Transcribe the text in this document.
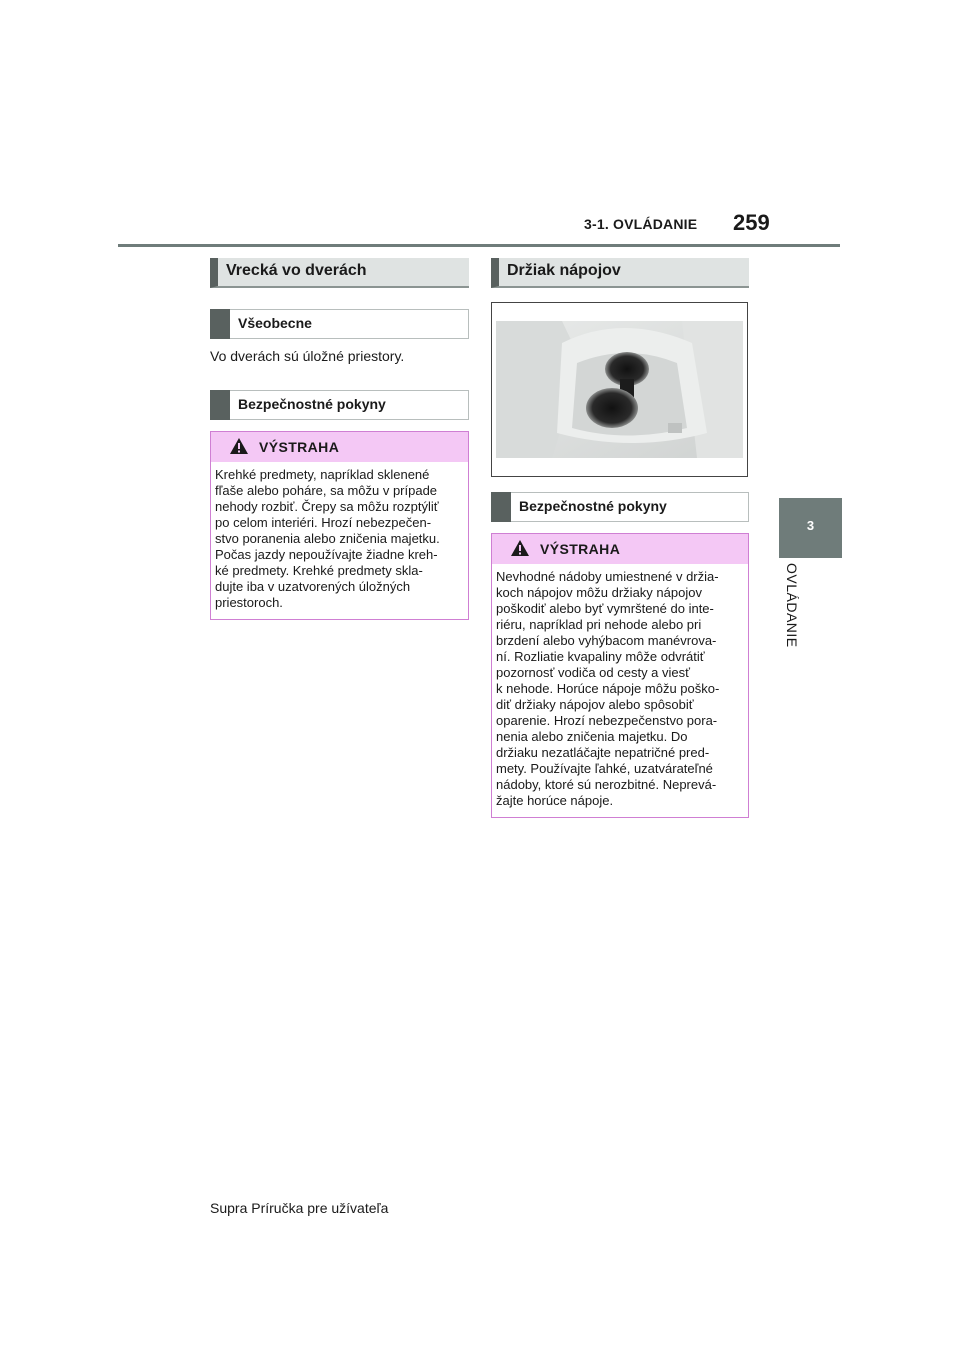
3-1. OVLÁDANIE 259
3
OVLÁDANIE
Vrecká vo dverách
Všeobecne
Vo dverách sú úložné priestory.
Bezpečnostné pokyny
VÝSTRAHA
Krehké predmety, napríklad sklenené
fľaše alebo poháre, sa môžu v prípade
nehody rozbiť. Črepy sa môžu rozptýliť
po celom interiéri. Hrozí nebezpečen-
stvo poranenia alebo zničenia majetku.
Počas jazdy nepoužívajte žiadne kreh-
ké predmety. Krehké predmety skla-
dujte iba v uzatvorených úložných
priestoroch.
Držiak nápojov
Bezpečnostné pokyny
VÝSTRAHA
Nevhodné nádoby umiestnené v držia-
koch nápojov môžu držiaky nápojov
poškodiť alebo byť vymrštené do inte-
riéru, napríklad pri nehode alebo pri
brzdení alebo vyhýbacom manévrova-
ní. Rozliatie kvapaliny môže odvrátiť
pozornosť vodiča od cesty a viesť
k nehode. Horúce nápoje môžu poško-
diť držiaky nápojov alebo spôsobiť
oparenie. Hrozí nebezpečenstvo pora-
nenia alebo zničenia majetku. Do
držiaku nezatláčajte nepatričné pred-
mety. Používajte ľahké, uzatvárateľné
nádoby, ktoré sú nerozbitné. Neprevá-
žajte horúce nápoje.
Supra Príručka pre užívateľa
